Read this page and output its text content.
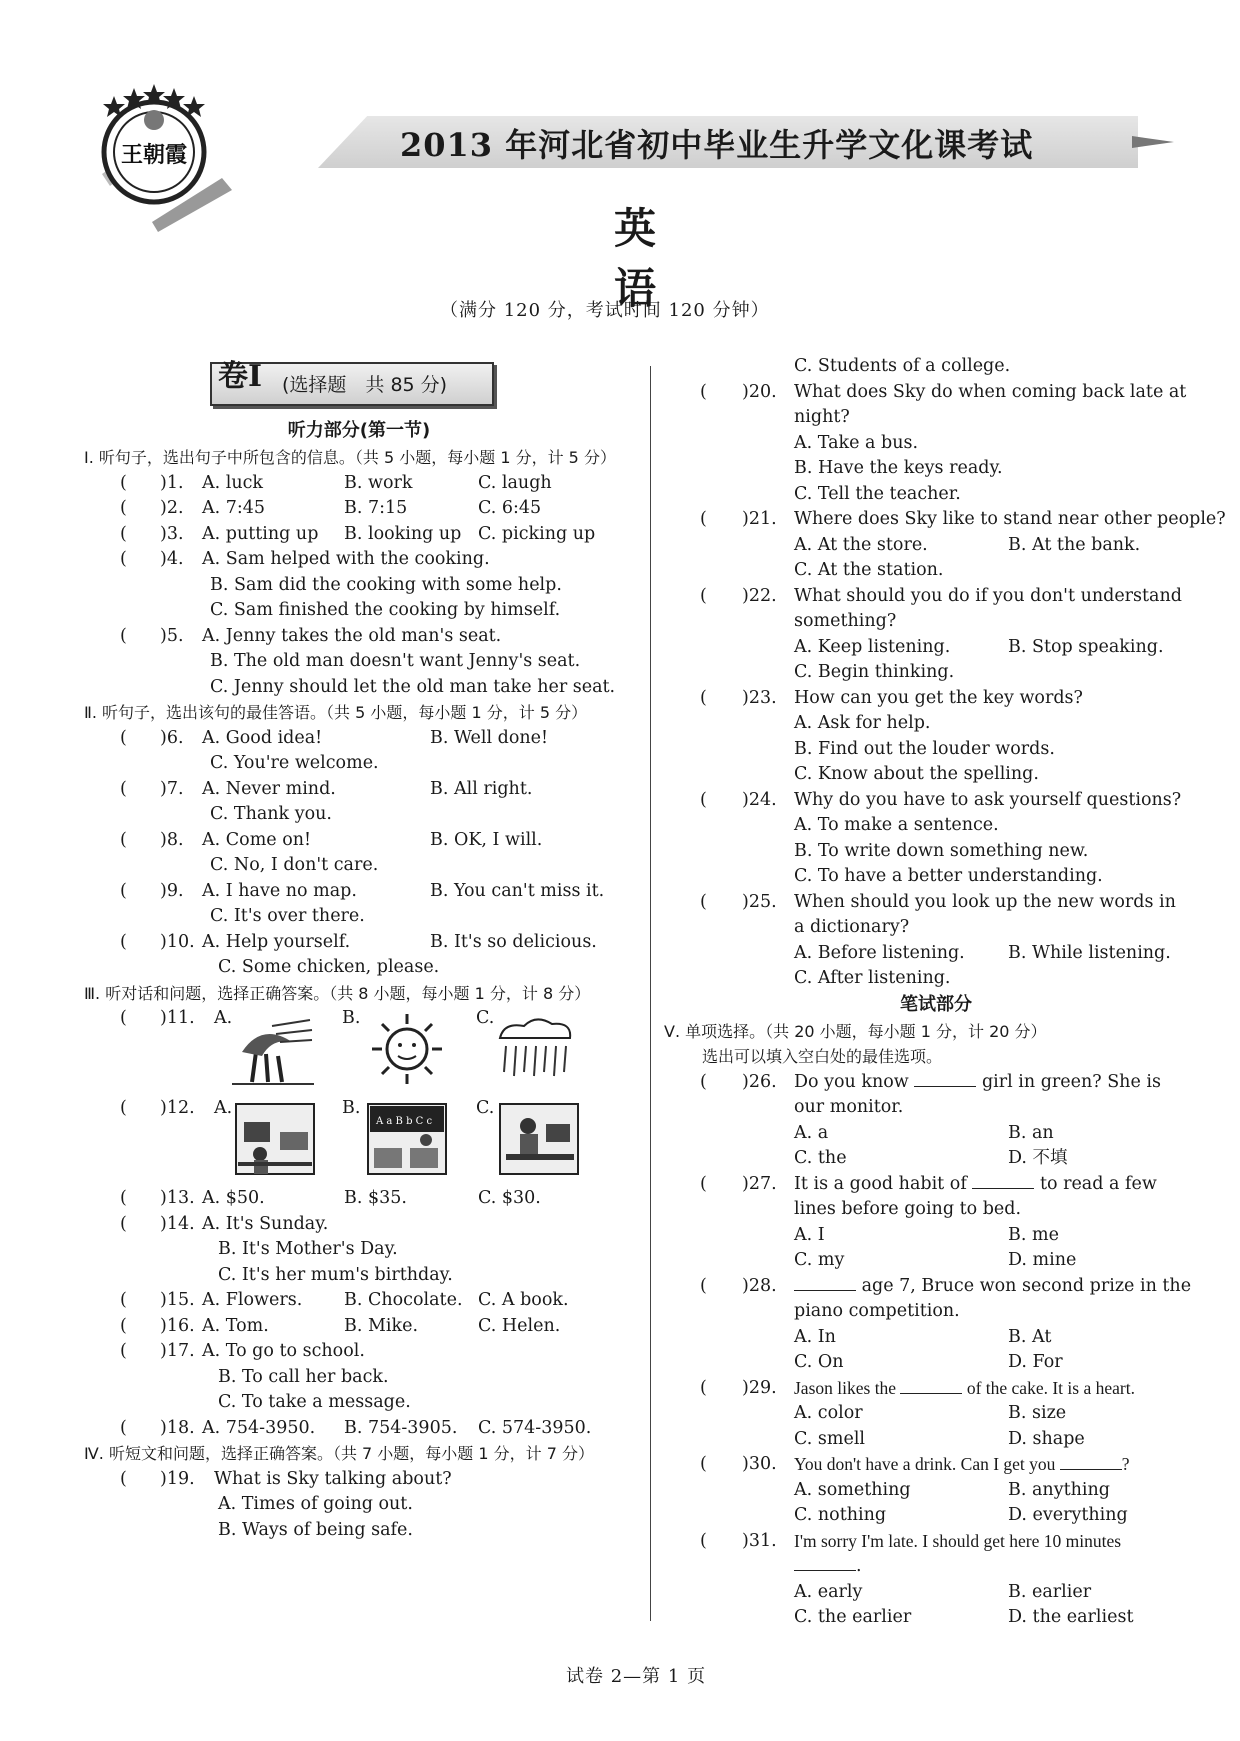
王朝霞	2013 年河北省初中毕业生升学文化课考试
英 语
（满分 120 分，考试时间 120 分钟）
卷Ⅰ (选择题　共 85 分)
听力部分(第一节)
Ⅰ. 听句子，选出句子中所包含的信息。（共 5 小题，每小题 1 分，计 5 分）
( )1. A. luck	B. work	C. laugh
( )2. A. 7:45	B. 7:15	C. 6:45
( )3. A. putting up B. looking up C. picking up
( )4. A. Sam helped with the cooking.
B. Sam did the cooking with some help.
C. Sam finished the cooking by himself.
( )5. A. Jenny takes the old man's seat.
B. The old man doesn't want Jenny's seat.
C. Jenny should let the old man take her seat.
Ⅱ. 听句子，选出该句的最佳答语。（共 5 小题，每小题 1 分，计 5 分）
( )6. A. Good idea!	B. Well done!
C. You're welcome.
( )7. A. Never mind.	B. All right.
C. Thank you.
( )8. A. Come on!	B. OK, I will.
C. No, I don't care.
( )9. A. I have no map.	B. You can't miss it.
C. It's over there.
( )10. A. Help yourself.	B. It's so delicious.
C. Some chicken, please.
Ⅲ. 听对话和问题，选择正确答案。（共 8 小题，每小题 1 分，计 8 分）
( )11. A.	B.	C.
( )12. A.	B.
A a B b C c
C.
( )13. A. $50.	B. $35.	C. $30.
( )14. A. It's Sunday.
B. It's Mother's Day.
C. It's her mum's birthday.
( )15. A. Flowers. B. Chocolate. C. A book.
( )16. A. Tom.	B. Mike.	C. Helen.
( )17. A. To go to school.
B. To call her back.
C. To take a message.
( )18. A. 754-3950. B. 754-3905. C. 574-3950.
Ⅳ. 听短文和问题，选择正确答案。（共 7 小题，每小题 1 分，计 7 分）
( )19. What is Sky talking about?
A. Times of going out.
B. Ways of being safe.
C. Students of a college.
( )20. What does Sky do when coming back late at
night?
A. Take a bus.
B. Have the keys ready.
C. Tell the teacher.
( )21. Where does Sky like to stand near other people?
A. At the store.	B. At the bank.
C. At the station.
( )22. What should you do if you don't understand
something?
A. Keep listening.	B. Stop speaking.
C. Begin thinking.
( )23. How can you get the key words?
A. Ask for help.
B. Find out the louder words.
C. Know about the spelling.
( )24. Why do you have to ask yourself questions?
A. To make a sentence.
B. To write down something new.
C. To have a better understanding.
( )25. When should you look up the new words in
a dictionary?
A. Before listening. B. While listening.
C. After listening.
笔试部分
Ⅴ. 单项选择。（共 20 小题，每小题 1 分，计 20 分）
选出可以填入空白处的最佳选项。
( )26. Do you know	girl in green? She is
our monitor.
A. a	B. an
C. the	D. 不填
( )27. It is a good habit of	to read a few
lines before going to bed.
A. I	B. me
C. my	D. mine
( )28.	age 7, Bruce won second prize in the
piano competition.
A. In	B. At
C. On	D. For
( )29. Jason likes the	of the cake. It is a heart.
A. color	B. size
C. smell	D. shape
( )30. You don't have a drink. Can I get you	?
A. something	B. anything
C. nothing	D. everything
( )31. I'm sorry I'm late. I should get here 10 minutes
.
A. early	B. earlier
C. the earlier	D. the earliest
试卷 2—第 1 页
